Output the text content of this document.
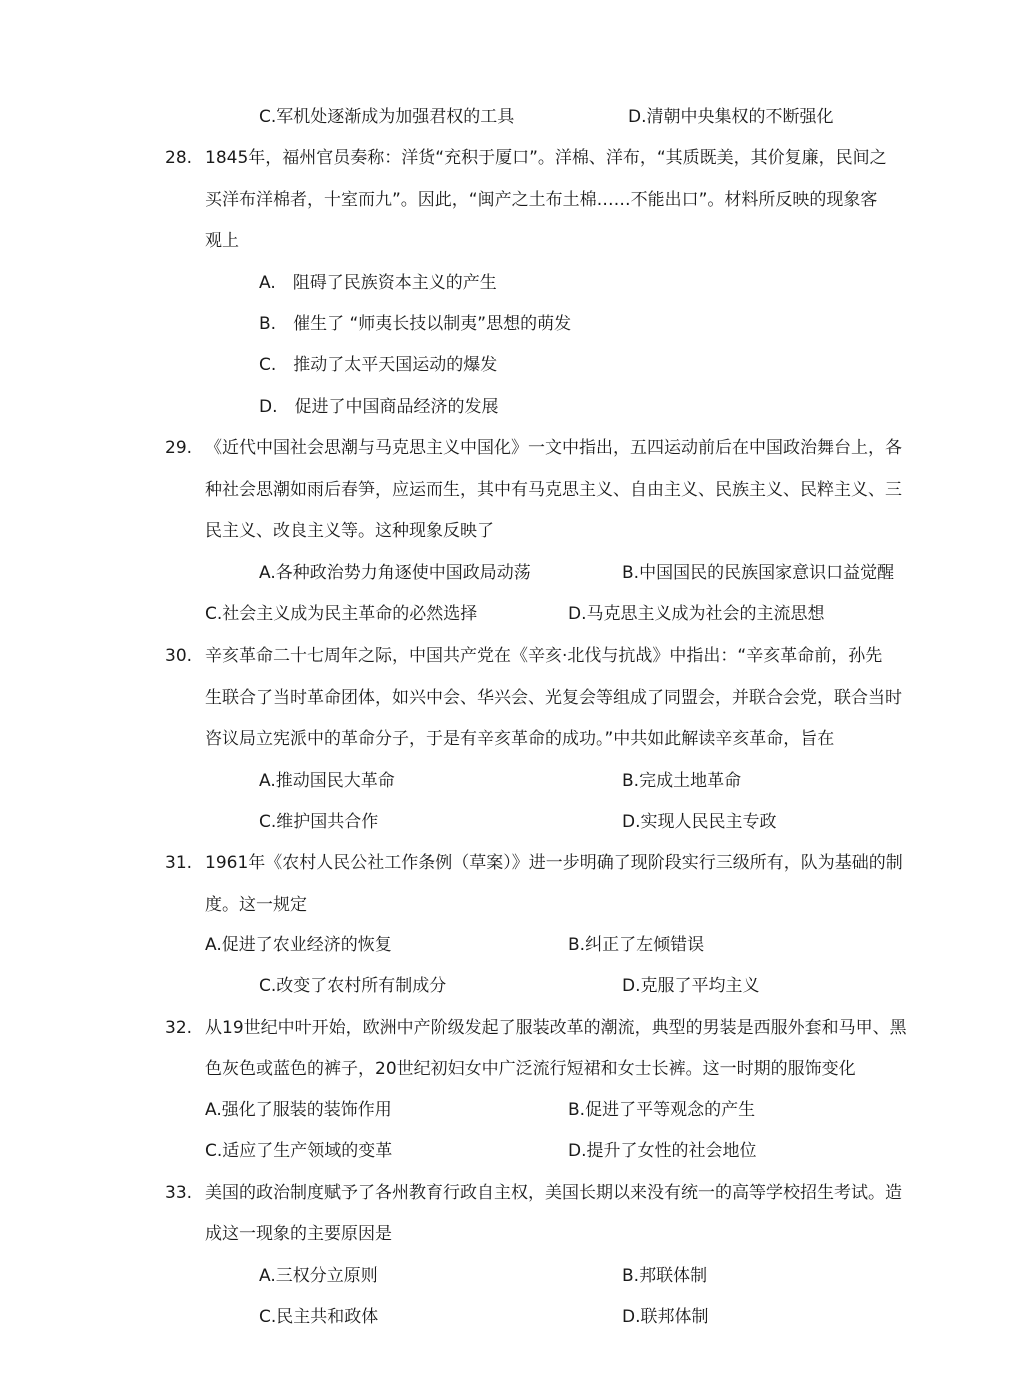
C.军机处逐渐成为加强君权的工具	D.清朝中央集权的不断强化
28. 1845年，福州官员奏称：洋货“充积于厦口”。洋棉、洋布，“其质既美，其价复廉，民间之
买洋布洋棉者，十室而九”。因此，“闽产之土布土棉……不能出口”。材料所反映的现象客
观上
A.　阻碍了民族资本主义的产生
B.　催生了 “师夷长技以制夷”思想的萌发
C.　推动了太平天国运动的爆发
D.　促进了中国商品经济的发展
29. 《近代中国社会思潮与马克思主义中国化》一文中指出，五四运动前后在中国政治舞台上，各
种社会思潮如雨后春笋，应运而生，其中有马克思主义、自由主义、民族主义、民粹主义、三
民主义、改良主义等。这种现象反映了
A.各种政治势力角逐使中国政局动荡	B.中国国民的民族国家意识口益觉醒
C.社会主义成为民主革命的必然选择	D.马克思主义成为社会的主流思想
30. 辛亥革命二十七周年之际，中国共产党在《辛亥·北伐与抗战》中指出：“辛亥革命前，孙先
生联合了当时革命团体，如兴中会、华兴会、光复会等组成了同盟会，并联合会党，联合当时
咨议局立宪派中的革命分子，于是有辛亥革命的成功。”中共如此解读辛亥革命，旨在
A.推动国民大革命	B.完成土地革命
C.维护国共合作	D.实现人民民主专政
31. 1961年《农村人民公社工作条例（草案）》进一步明确了现阶段实行三级所有，队为基础的制
度。这一规定
A.促进了农业经济的恢复	B.纠正了左倾错误
C.改变了农村所有制成分	D.克服了平均主义
32. 从19世纪中叶开始，欧洲中产阶级发起了服装改革的潮流，典型的男装是西服外套和马甲、黑
色灰色或蓝色的裤子，20世纪初妇女中广泛流行短裙和女士长裤。这一时期的服饰变化
A.强化了服装的装饰作用	B.促进了平等观念的产生
C.适应了生产领域的变革	D.提升了女性的社会地位
33. 美国的政治制度赋予了各州教育行政自主权，美国长期以来没有统一的高等学校招生考试。造
成这一现象的主要原因是
A.三权分立原则	B.邦联体制
C.民主共和政体	D.联邦体制
